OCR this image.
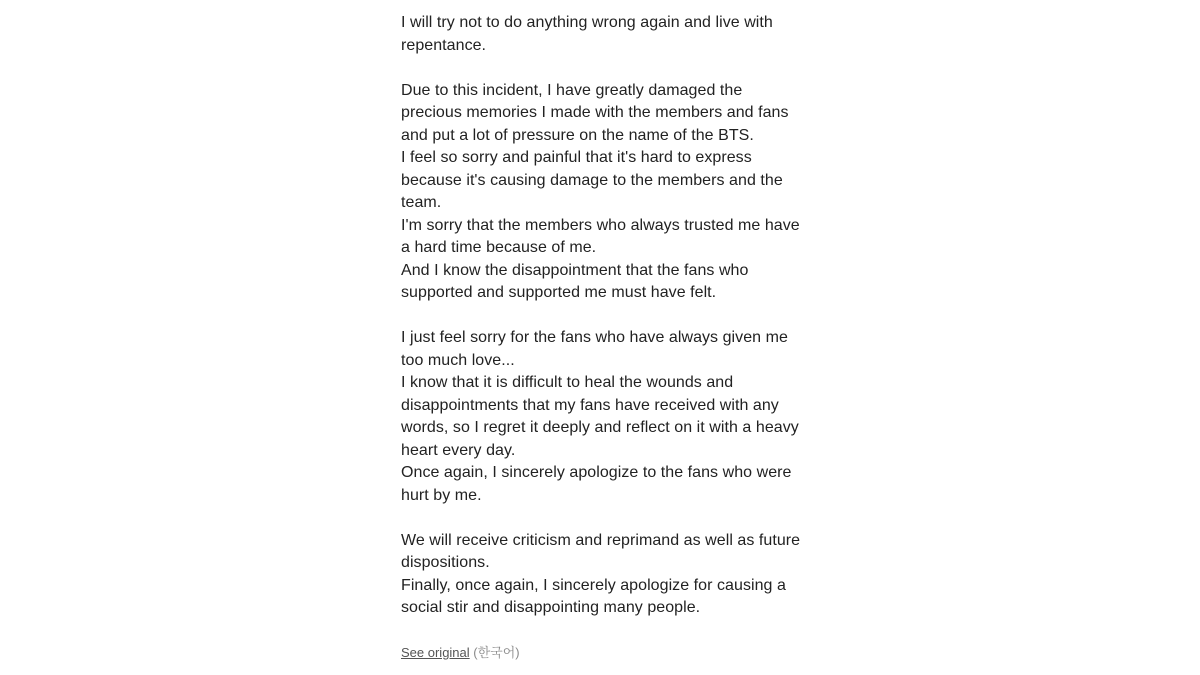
I will try not to do anything wrong again and live with
repentance.
Due to this incident, I have greatly damaged the
precious memories I made with the members and fans
and put a lot of pressure on the name of the BTS.
I feel so sorry and painful that it's hard to express
because it's causing damage to the members and the
team.
I'm sorry that the members who always trusted me have
a hard time because of me.
And I know the disappointment that the fans who
supported and supported me must have felt.
I just feel sorry for the fans who have always given me
too much love...
I know that it is difficult to heal the wounds and
disappointments that my fans have received with any
words, so I regret it deeply and reflect on it with a heavy
heart every day.
Once again, I sincerely apologize to the fans who were
hurt by me.
We will receive criticism and reprimand as well as future
dispositions.
Finally, once again, I sincerely apologize for causing a
social stir and disappointing many people.
See original (한국어)
